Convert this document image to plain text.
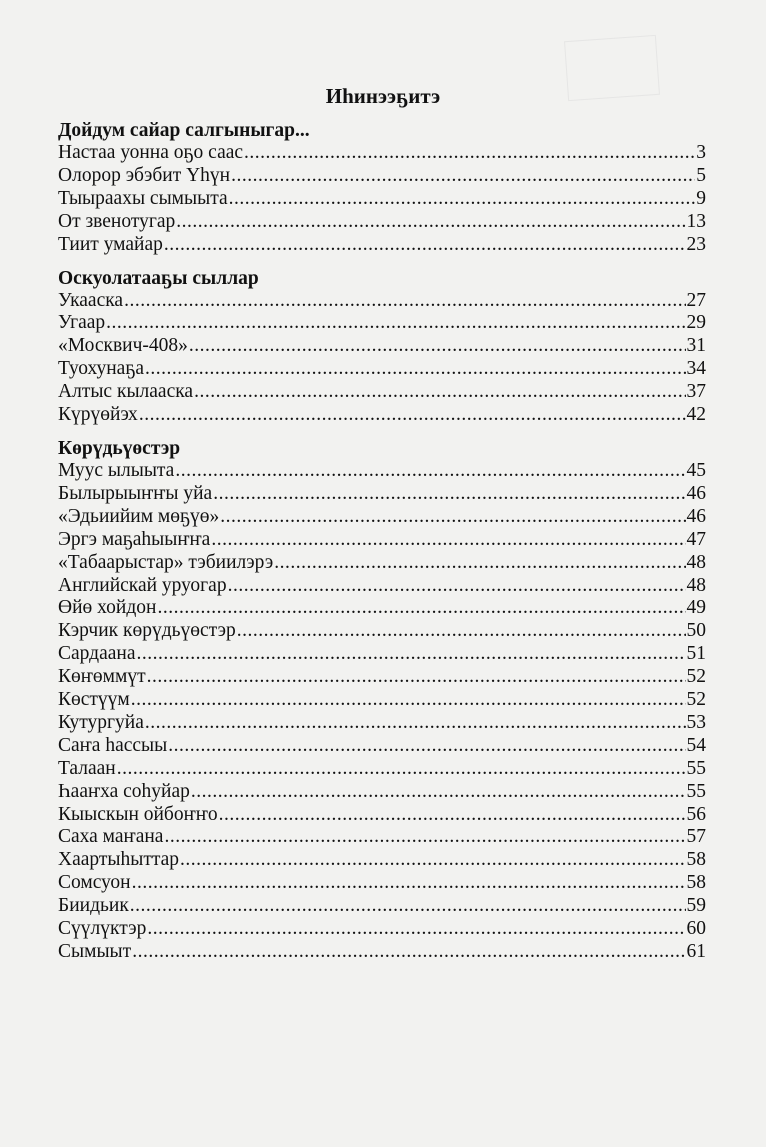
Иһинээҕитэ
Дойдум сайар салгыныгар...
Настаа уонна оҕо саас .....	3
Олорор эбэбит Үһүн .....	5
Тыыраахы сымыыта .....	9
От звенотугар .....	13
Тиит умайар .....	23
Оскуолатааҕы сыллар
Укааска .....	27
Угаар .....	29
«Москвич-408» .....	31
Туохунаҕа .....	34
Алтыс кылааска .....	37
Күрүөйэх .....	42
Көрүдьүөстэр
Муус ылыыта .....	45
Былырыыҥҥы уйа .....	46
«Эдьиийим мөҕүө» .....	46
Эргэ маҕаһыыҥҥа .....	47
«Табаарыстар» тэбиилэрэ .....	48
Английскай уруогар .....	48
Өйө хойдон .....	49
Кэрчик көрүдьүөстэр .....	50
Сардаана .....	51
Көҥөммүт .....	52
Көстүүм .....	52
Кутургуйа .....	53
Саҥа һассыы .....	54
Талаан .....	55
Һааҥха соһуйар .....	55
Кыыскын ойбоҥҥо .....	56
Саха маҥана .....	57
Хаартыһыттар .....	58
Сомсуон .....	58
Биидьик .....	59
Сүүлүктэр .....	60
Сымыыт .....	61
